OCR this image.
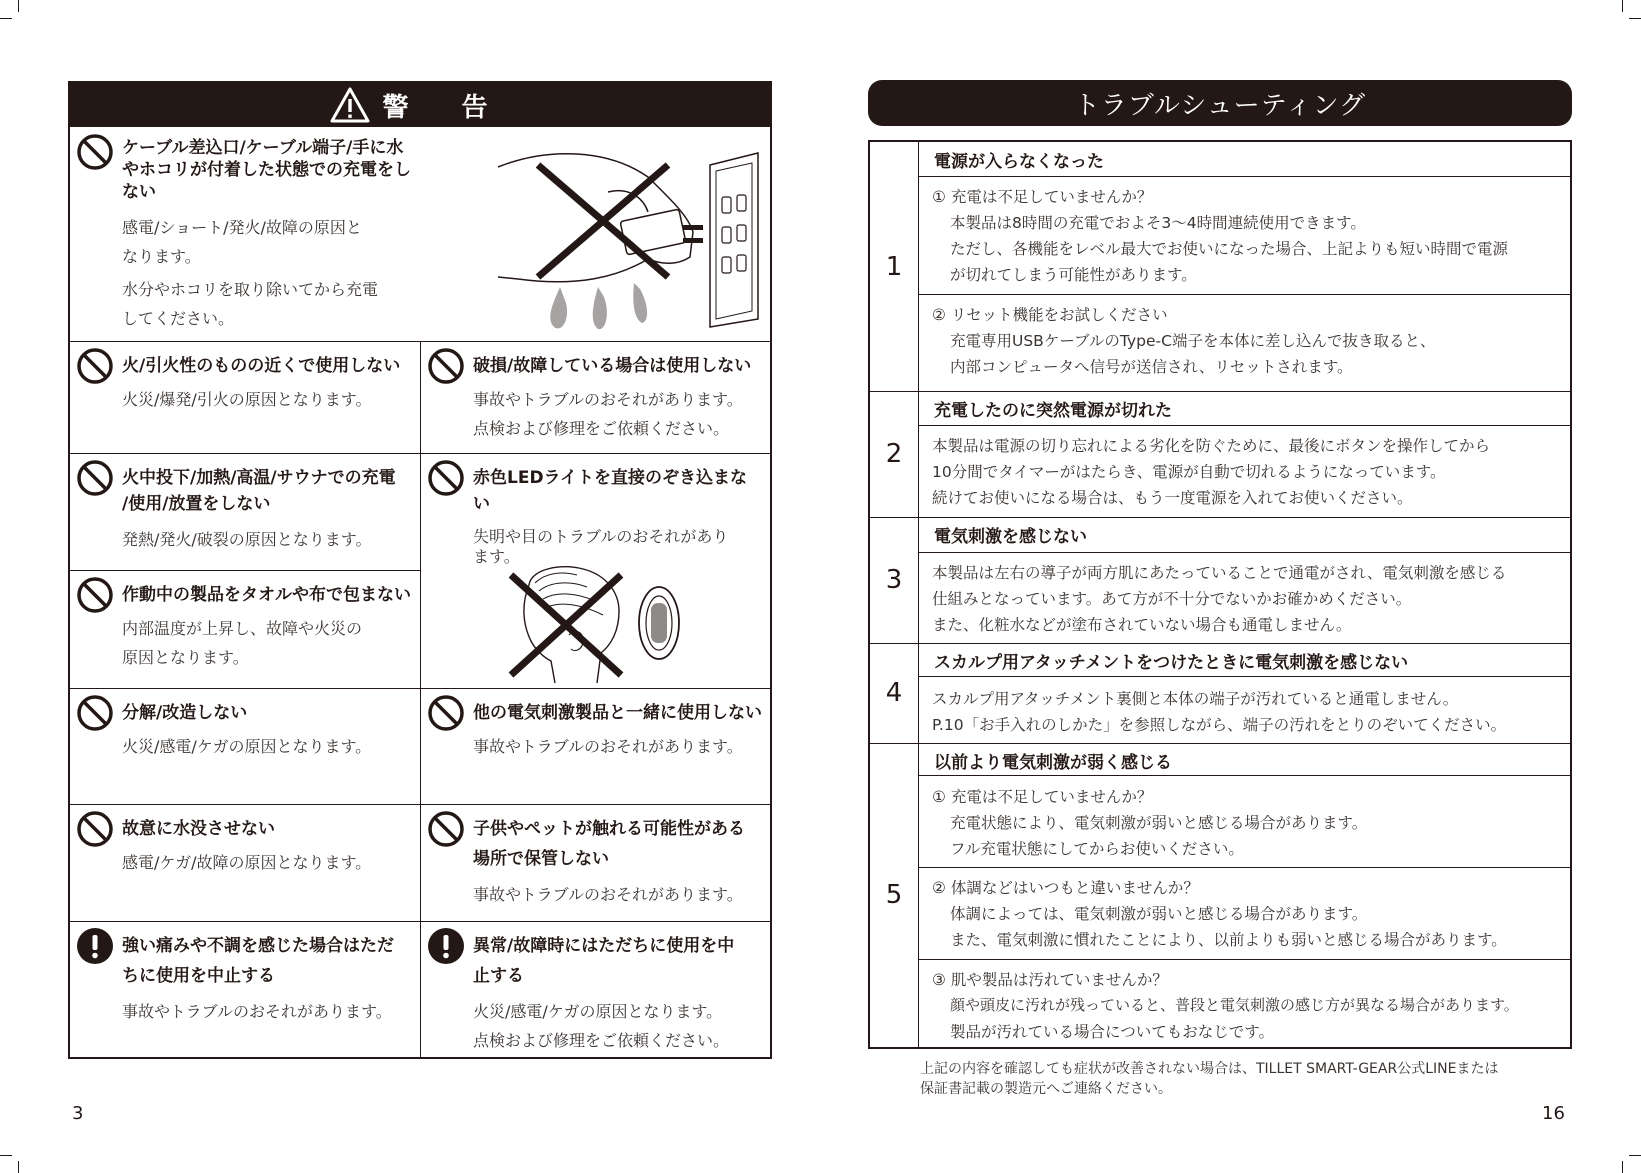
警 告
ケーブル差込口/ケーブル端子/手に水
やホコリが付着した状態での充電をし
ない
感電/ショート/発火/故障の原因と
なります。
水分やホコリを取り除いてから充電
してください。
火/引火性のものの近くで使用しない
火災/爆発/引火の原因となります。
破損/故障している場合は使用しない
事故やトラブルのおそれがあります。
点検および修理をご依頼ください。
火中投下/加熱/高温/サウナでの充電
/使用/放置をしない
発熱/発火/破裂の原因となります。
赤色LEDライトを直接のぞき込まな
い
失明や目のトラブルのおそれがあり
ます。
作動中の製品をタオルや布で包まない
内部温度が上昇し、故障や火災の
原因となります。
分解/改造しない
火災/感電/ケガの原因となります。
他の電気刺激製品と一緒に使用しない
事故やトラブルのおそれがあります。
故意に水没させない
感電/ケガ/故障の原因となります。
子供やペットが触れる可能性がある
場所で保管しない
事故やトラブルのおそれがあります。
強い痛みや不調を感じた場合はただ
ちに使用を中止する
事故やトラブルのおそれがあります。
異常/故障時にはただちに使用を中
止する
火災/感電/ケガの原因となります。
点検および修理をご依頼ください。
3
トラブルシューティング
1
電源が入らなくなった
① 充電は不足していませんか？
本製品は8時間の充電でおよそ3〜4時間連続使用できます。
ただし、各機能をレベル最大でお使いになった場合、上記よりも短い時間で電源
が切れてしまう可能性があります。
② リセット機能をお試しください
充電専用USBケーブルのType-C端子を本体に差し込んで抜き取ると、
内部コンピュータへ信号が送信され、リセットされます。
2
充電したのに突然電源が切れた
本製品は電源の切り忘れによる劣化を防ぐために、最後にボタンを操作してから
10分間でタイマーがはたらき、電源が自動で切れるようになっています。
続けてお使いになる場合は、もう一度電源を入れてお使いください。
3
電気刺激を感じない
本製品は左右の導子が両方肌にあたっていることで通電がされ、電気刺激を感じる
仕組みとなっています。あて方が不十分でないかお確かめください。
また、化粧水などが塗布されていない場合も通電しません。
4
スカルプ用アタッチメントをつけたときに電気刺激を感じない
スカルプ用アタッチメント裏側と本体の端子が汚れていると通電しません。
P.10「お手入れのしかた」を参照しながら、端子の汚れをとりのぞいてください。
5
以前より電気刺激が弱く感じる
① 充電は不足していませんか？
充電状態により、電気刺激が弱いと感じる場合があります。
フル充電状態にしてからお使いください。
② 体調などはいつもと違いませんか？
体調によっては、電気刺激が弱いと感じる場合があります。
また、電気刺激に慣れたことにより、以前よりも弱いと感じる場合があります。
③ 肌や製品は汚れていませんか？
顔や頭皮に汚れが残っていると、普段と電気刺激の感じ方が異なる場合があります。
製品が汚れている場合についてもおなじです。
上記の内容を確認しても症状が改善されない場合は、TILLET SMART-GEAR公式LINEまたは
保証書記載の製造元へご連絡ください。
16
